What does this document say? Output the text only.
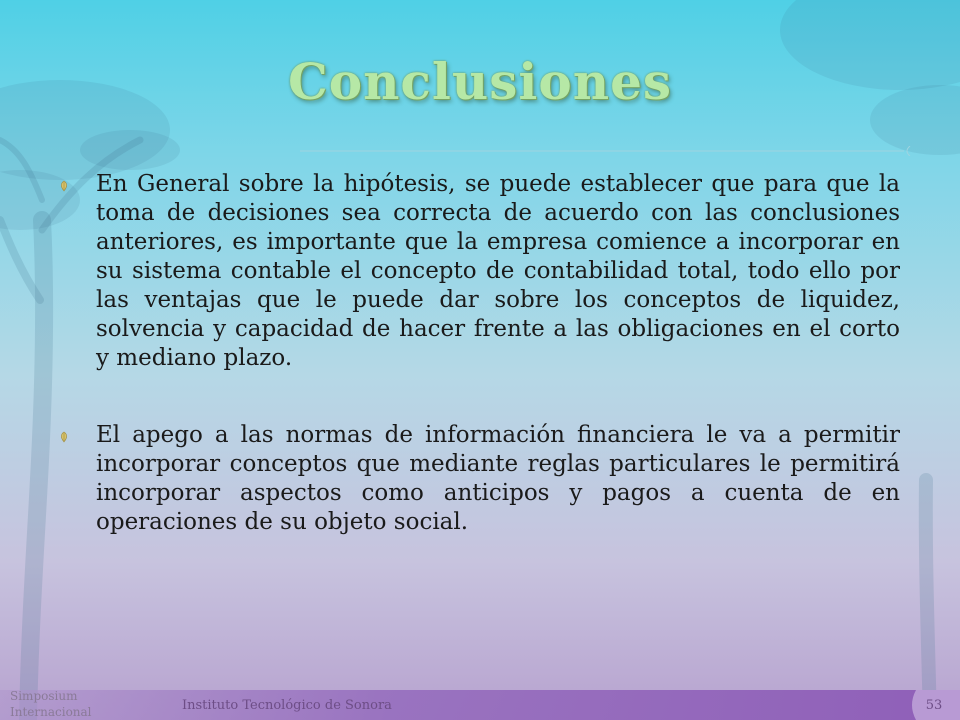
Conclusiones
En General sobre la hipótesis, se puede establecer que para que la toma de decisiones sea correcta de acuerdo con las conclusiones anteriores, es importante que la empresa comience a incorporar en su sistema contable el concepto de contabilidad total, todo ello por las ventajas que le puede dar sobre los conceptos de liquidez, solvencia y capacidad de hacer frente a las obligaciones en el corto y mediano plazo.
El apego a las normas de información financiera le va a permitir incorporar conceptos que mediante reglas particulares le permitirá incorporar aspectos como anticipos y pagos a cuenta de en operaciones de su objeto social.
Simposium Internacional	Instituto Tecnológico de Sonora	53
